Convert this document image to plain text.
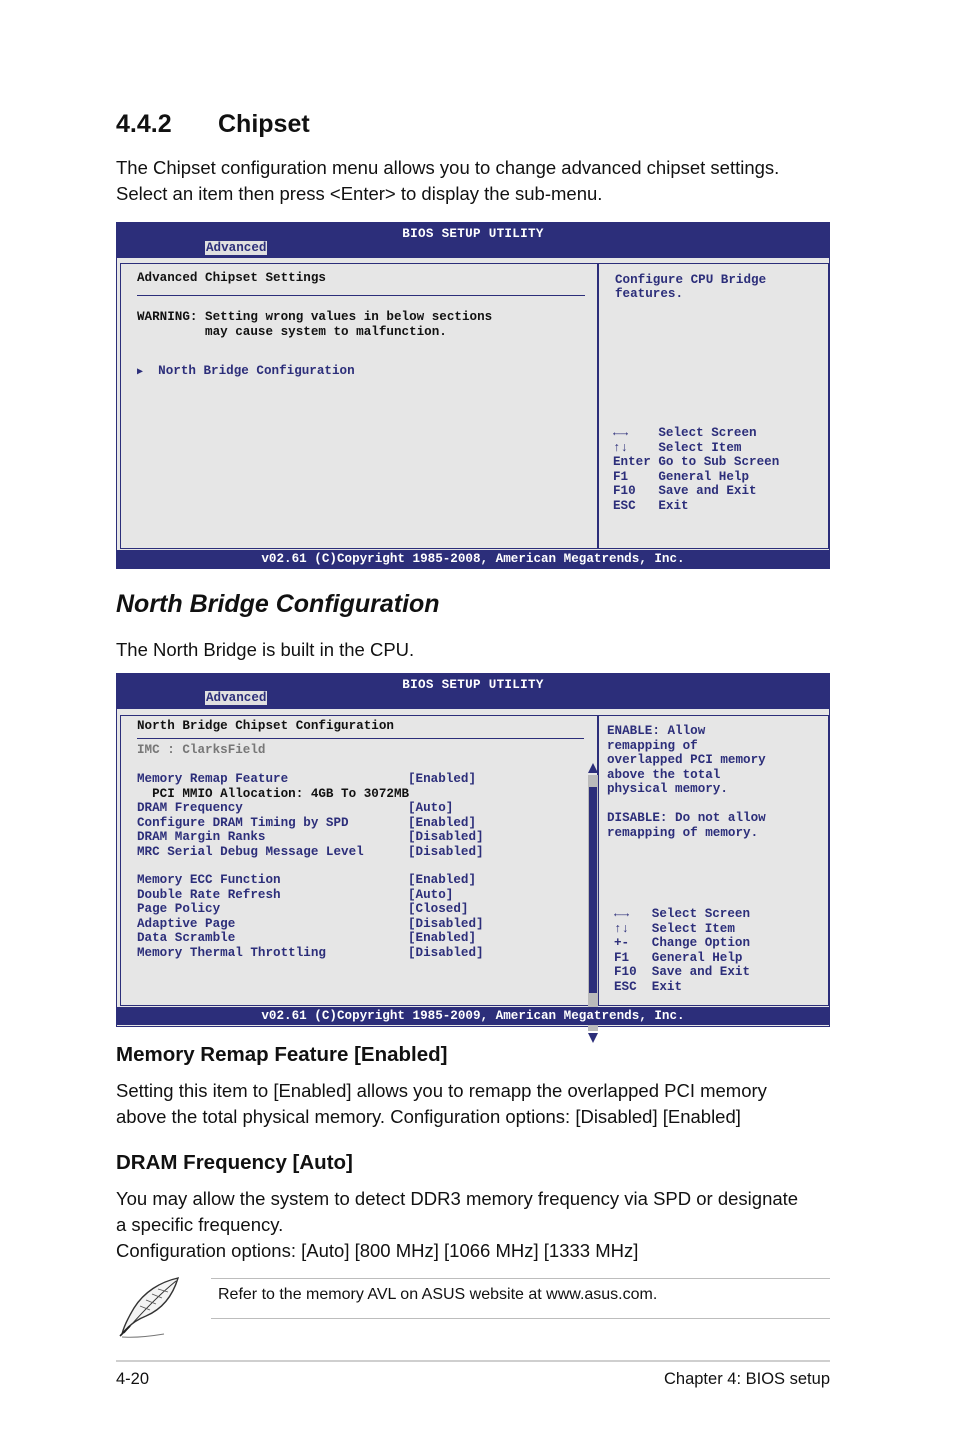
4.4.2 Chipset
The Chipset configuration menu allows you to change advanced chipset settings.
Select an item then press <Enter> to display the sub-menu.
BIOS SETUP UTILITY
Advanced
Advanced Chipset Settings
WARNING: Setting wrong values in below sections
may cause system to malfunction.
▶ North Bridge Configuration
Configure CPU Bridge
features.
←→    Select Screen
↑↓    Select Item
Enter Go to Sub Screen
F1    General Help
F10   Save and Exit
ESC   Exit
v02.61 (C)Copyright 1985-2008, American Megatrends, Inc.
North Bridge Configuration
The North Bridge is built in the CPU.
BIOS SETUP UTILITY
Advanced
North Bridge Chipset Configuration
IMC : ClarksField
Memory Remap Feature	[Enabled]
PCI MMIO Allocation: 4GB To 3072MB
DRAM Frequency	[Auto]
Configure DRAM Timing by SPD	[Enabled]
DRAM Margin Ranks	[Disabled]
MRC Serial Debug Message Level	[Disabled]
Memory ECC Function	[Enabled]
Double Rate Refresh	[Auto]
Page Policy	[Closed]
Adaptive Page	[Disabled]
Data Scramble	[Enabled]
Memory Thermal Throttling	[Disabled]
ENABLE: Allow
remapping of
overlapped PCI memory
above the total
physical memory.
DISABLE: Do not allow
remapping of memory.
←→   Select Screen
↑↓   Select Item
+-   Change Option
F1   General Help
F10  Save and Exit
ESC  Exit
v02.61 (C)Copyright 1985-2009, American Megatrends, Inc.
Memory Remap Feature [Enabled]
Setting this item to [Enabled] allows you to remapp the overlapped PCI memory
above the total physical memory. Configuration options: [Disabled] [Enabled]
DRAM Frequency [Auto]
You may allow the system to detect DDR3 memory frequency via SPD or designate
a specific frequency.
Configuration options: [Auto] [800 MHz] [1066 MHz] [1333 MHz]
Refer to the memory AVL on ASUS website at www.asus.com.
4-20	Chapter 4: BIOS setup
